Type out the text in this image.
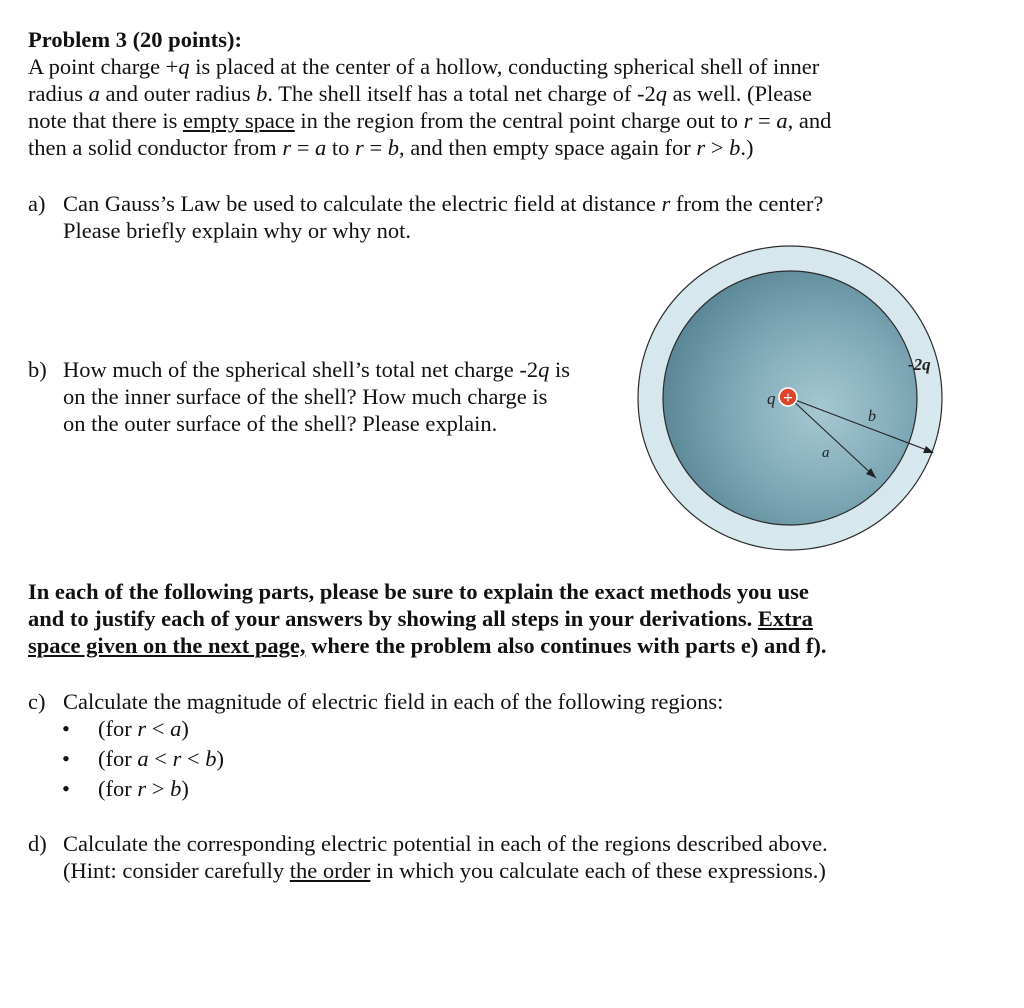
Problem 3 (20 points):
A point charge +q is placed at the center of a hollow, conducting spherical shell of inner
radius a and outer radius b. The shell itself has a total net charge of -2q as well. (Please
note that there is empty space in the region from the central point charge out to r = a, and
then a solid conductor from r = a to r = b, and then empty space again for r > b.)
a) Can Gauss’s Law be used to calculate the electric field at distance r from the center?
Please briefly explain why or why not.
b) How much of the spherical shell’s total net charge -2q is
on the inner surface of the shell? How much charge is
on the outer surface of the shell? Please explain.
+
q
a
b
-2q
In each of the following parts, please be sure to explain the exact methods you use
and to justify each of your answers by showing all steps in your derivations. Extra
space given on the next page, where the problem also continues with parts e) and f).
c) Calculate the magnitude of electric field in each of the following regions:
• (for r < a)
• (for a < r < b)
• (for r > b)
d) Calculate the corresponding electric potential in each of the regions described above.
(Hint: consider carefully the order in which you calculate each of these expressions.)
